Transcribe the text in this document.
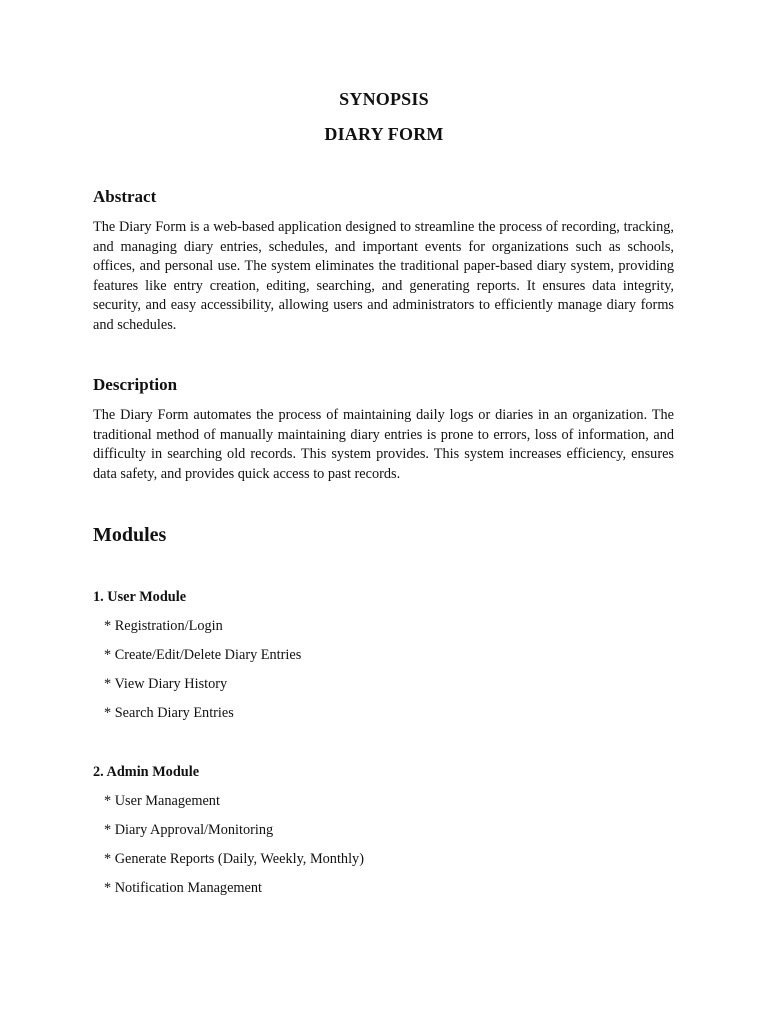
SYNOPSIS
DIARY FORM
Abstract

The Diary Form is a web-based application designed to streamline the process of recording, tracking, and managing diary entries, schedules, and important events for organizations such as schools, offices, and personal use. The system eliminates the traditional paper-based diary system, providing features like entry creation, editing, searching, and generating reports. It ensures data integrity, security, and easy accessibility, allowing users and administrators to efficiently manage diary forms and schedules.

Description

The Diary Form automates the process of maintaining daily logs or diaries in an organization. The traditional method of manually maintaining diary entries is prone to errors, loss of information, and difficulty in searching old records. This system provides. This system increases efficiency, ensures data safety, and provides quick access to past records.

Modules
1. User Module
* Registration/Login
* Create/Edit/Delete Diary Entries
* View Diary History
* Search Diary Entries
2. Admin Module
* User Management
* Diary Approval/Monitoring
* Generate Reports (Daily, Weekly, Monthly)
* Notification Management
